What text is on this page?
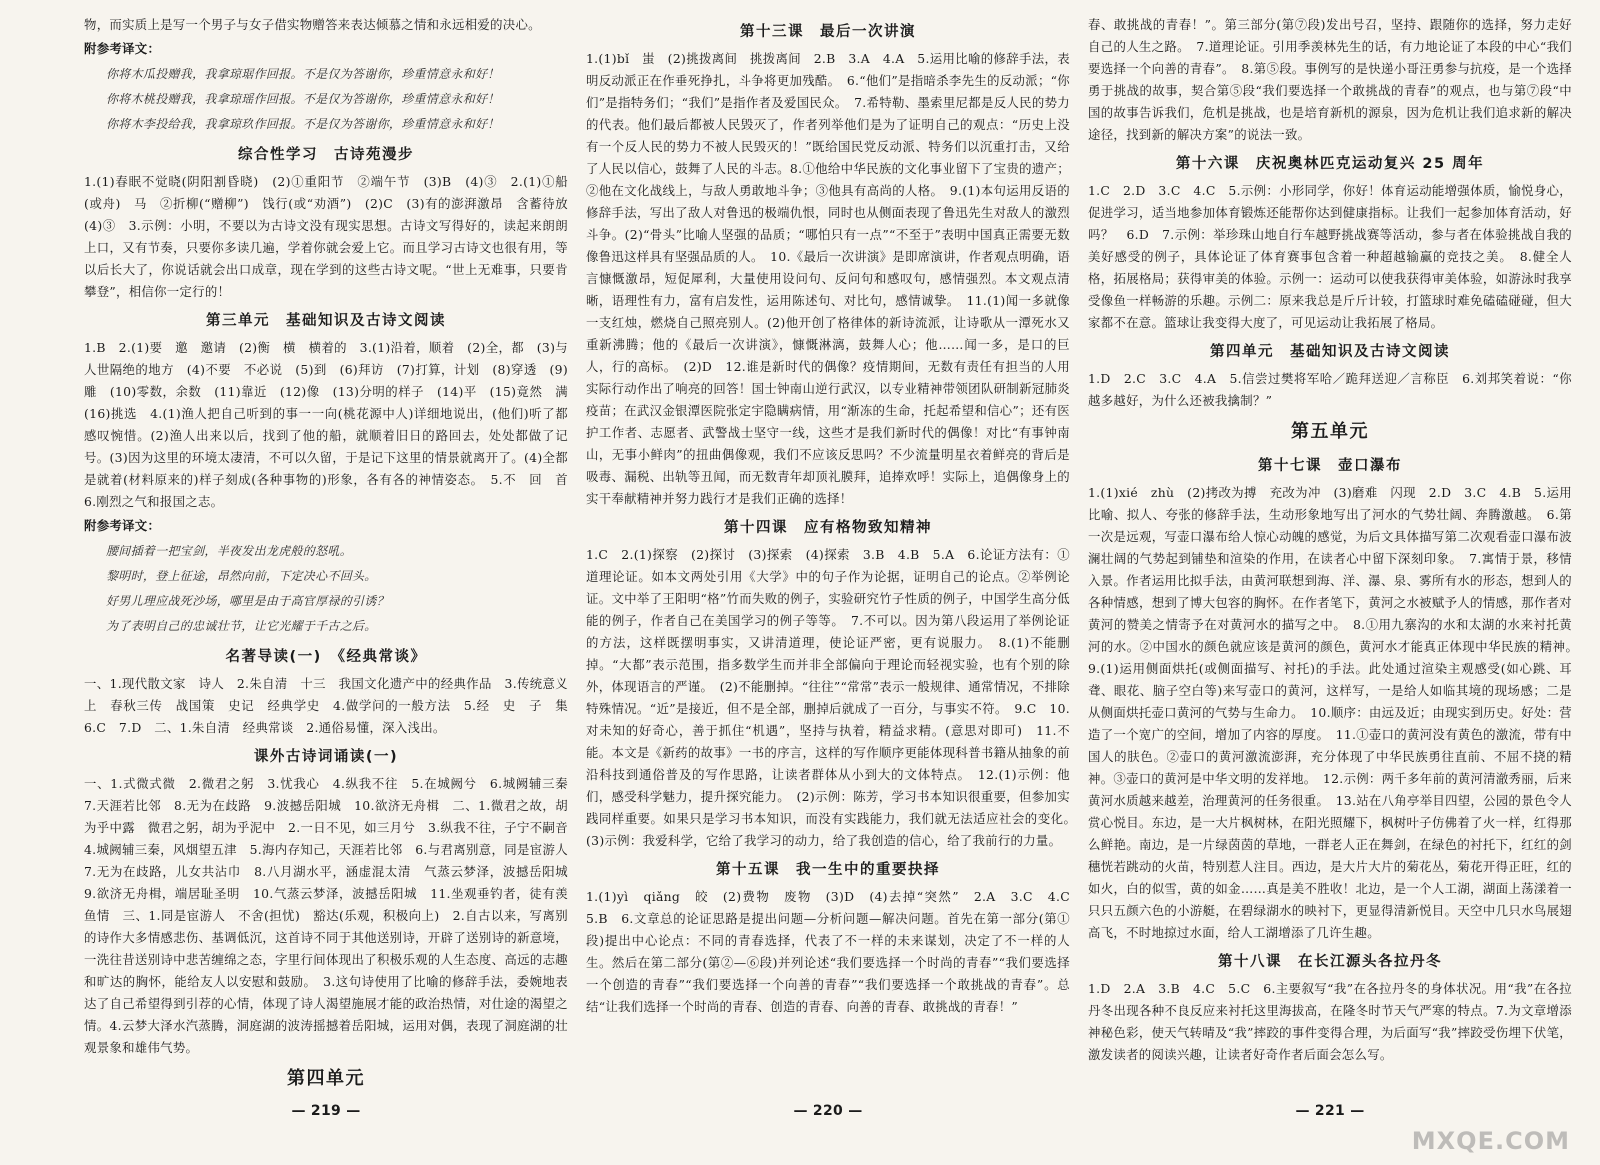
物，而实质上是写一个男子与女子借实物赠答来表达倾慕之情和永远相爱的决心。

附参考译文：

你将木瓜投赠我，我拿琼琚作回报。不是仅为答谢你，珍重情意永和好！

你将木桃投赠我，我拿琼瑶作回报。不是仅为答谢你，珍重情意永和好！

你将木李投给我，我拿琼玖作回报。不是仅为答谢你，珍重情意永和好！

综合性学习　古诗苑漫步

1.(1)春眠不觉晓(阴阳割昏晓)　(2)①重阳节　②端午节　(3)B　(4)③　2.(1)①船(或舟)　马　②折柳(“赠柳”)　饯行(或“劝酒”)　(2)C　(3)有的澎湃激昂　含蓄待放　(4)③　3.示例：小明，不要以为古诗文没有现实思想。古诗文写得好的，读起来朗朗上口，又有节奏，只要你多读几遍，学着你就会爱上它。而且学习古诗文也很有用，等以后长大了，你说话就会出口成章，现在学到的这些古诗文呢。“世上无难事，只要肯攀登”，相信你一定行的！

第三单元　基础知识及古诗文阅读

1.B　2.(1)要　邀　邀请　(2)衡　横　横着的　3.(1)沿着，顺着　(2)全，都　(3)与人世隔绝的地方　(4)不要　不必说　(5)到　(6)拜访　(7)打算，计划　(8)穿透　(9)雕　(10)零数，余数　(11)靠近　(12)像　(13)分明的样子　(14)平　(15)竟然　满　(16)挑选　4.(1)渔人把自己听到的事一一向(桃花源中人)详细地说出，(他们)听了都感叹惋惜。(2)渔人出来以后，找到了他的船，就顺着旧日的路回去，处处都做了记号。(3)因为这里的环境太凄清，不可以久留，于是记下这里的情景就离开了。(4)全都是就着(材料原来的)样子刻成(各种事物的)形象，各有各的神情姿态。　5.不　回　首　6.刚烈之气和报国之志。

附参考译文：

腰间插着一把宝剑，半夜发出龙虎般的怒吼。

黎明时，登上征途，昂然向前，下定决心不回头。

好男儿理应战死沙场，哪里是由于高官厚禄的引诱？

为了表明自己的忠诚壮节，让它光耀于千古之后。

名著导读(一)　《经典常谈》

一、1.现代散文家　诗人　2.朱自清　十三　我国文化遗产中的经典作品　3.传统意义上　春秋三传　战国策　史记　经典学史　4.做学问的一般方法　5.经　史　子　集　6.C　7.D　二、1.朱自清　经典常谈　2.通俗易懂，深入浅出。

课外古诗词诵读(一)

一、1.式微式微　2.微君之躬　3.忧我心　4.纵我不往　5.在城阙兮　6.城阙辅三秦　7.天涯若比邻　8.无为在歧路　9.波撼岳阳城　10.欲济无舟楫　二、1.微君之故，胡为乎中露　微君之躬，胡为乎泥中　2.一日不见，如三月兮　3.纵我不往，子宁不嗣音　4.城阙辅三秦，风烟望五津　5.海内存知己，天涯若比邻　6.与君离别意，同是宦游人　7.无为在歧路，儿女共沾巾　8.八月湖水平，涵虚混太清　气蒸云梦泽，波撼岳阳城　9.欲济无舟楫，端居耻圣明　10.气蒸云梦泽，波撼岳阳城　11.坐观垂钓者，徒有羡鱼情　三、1.同是宦游人　不舍(担忧)　豁达(乐观，积极向上)　2.自古以来，写离别的诗作大多情感悲伤、基调低沉，这首诗不同于其他送别诗，开辟了送别诗的新意境，一洗往昔送别诗中悲苦缠绵之态，字里行间体现出了积极乐观的人生态度、高远的志趣和旷达的胸怀，能给友人以安慰和鼓励。　3.这句诗使用了比喻的修辞手法，委婉地表达了自己希望得到引荐的心情，体现了诗人渴望施展才能的政治热情，对仕途的渴望之情。4.云梦大泽水汽蒸腾，洞庭湖的波涛摇撼着岳阳城，运用对偶，表现了洞庭湖的壮观景象和雄伟气势。

第四单元
— 219 —
第十三课　最后一次讲演

1.(1)bǐ　蚩　(2)挑拨离间　挑拨离间　2.B　3.A　4.A　5.运用比喻的修辞手法，表明反动派正在作垂死挣扎，斗争将更加残酷。　6.“他们”是指暗杀李先生的反动派；“你们”是指特务们；“我们”是指作者及爱国民众。　7.希特勒、墨索里尼都是反人民的势力的代表。他们最后都被人民毁灭了，作者列举他们是为了证明自己的观点：“历史上没有一个反人民的势力不被人民毁灭的！”既给国民党反动派、特务们以沉重打击，又给了人民以信心，鼓舞了人民的斗志。8.①他给中华民族的文化事业留下了宝贵的遗产；②他在文化战线上，与敌人勇敢地斗争；③他具有高尚的人格。　9.(1)本句运用反语的修辞手法，写出了敌人对鲁迅的极端仇恨，同时也从侧面表现了鲁迅先生对敌人的激烈斗争。(2)“骨头”比喻人坚强的品质；“哪怕只有一点”“不至于”表明中国真正需要无数像鲁迅这样具有坚强品质的人。　10.《最后一次讲演》是即席演讲，作者观点明确，语言慷慨激昂，短促犀利，大量使用设问句、反问句和感叹句，感情强烈。本文观点清晰，语理性有力，富有启发性，运用陈述句、对比句，感情诚挚。　11.(1)闻一多就像一支红烛，燃烧自己照亮别人。(2)他开创了格律体的新诗流派，让诗歌从一潭死水又重新沸腾；他的《最后一次讲演》，慷慨淋漓，鼓舞人心；他……闻一多，是口的巨人，行的高标。　(2)D　12.谁是新时代的偶像？疫情期间，无数有责任有担当的人用实际行动作出了响亮的回答！国士钟南山逆行武汉，以专业精神带领团队研制新冠肺炎疫苗；在武汉金银潭医院张定宇隐瞒病情，用“渐冻的生命，托起希望和信心”；还有医护工作者、志愿者、武警战士坚守一线，这些才是我们新时代的偶像！对比“有事钟南山，无事小鲜肉”的扭曲偶像观，我们不应该反思吗？不少流量明星衣着鲜亮的背后是吸毒、漏税、出轨等丑闻，而无数青年却顶礼膜拜，追捧欢呼！实际上，追偶像身上的实干奉献精神并努力践行才是我们正确的选择！

第十四课　应有格物致知精神

1.C　2.(1)探察　(2)探讨　(3)探索　(4)探索　3.B　4.B　5.A　6.论证方法有：①道理论证。如本文两处引用《大学》中的句子作为论据，证明自己的论点。②举例论证。文中举了王阳明“格”竹而失败的例子，实验研究竹子性质的例子，中国学生高分低能的例子，作者自己在美国学习的例子等等。　7.不可以。因为第八段运用了举例论证的方法，这样既摆明事实，又讲清道理，使论证严密，更有说服力。　8.(1)不能删掉。“大都”表示范围，指多数学生而并非全部偏向于理论而轻视实验，也有个别的除外，体现语言的严谨。　(2)不能删掉。“往往”“常常”表示一般规律、通常情况，不排除特殊情况。“近”是接近，但不是全部，删掉后就成了一百分，与事实不符。　9.C　10.对未知的好奇心，善于抓住“机遇”，坚持与执着，精益求精。(意思对即可)　11.不能。本文是《新药的故事》一书的序言，这样的写作顺序更能体现科普书籍从抽象的前沿科技到通俗普及的写作思路，让读者群体从小到大的文体特点。　12.(1)示例：他们，感受科学魅力，提升探究能力。　(2)示例：陈芳，学习书本知识很重要，但参加实践同样重要。如果只是学习书本知识，而没有实践能力，我们就无法适应社会的变化。　(3)示例：我爱科学，它给了我学习的动力，给了我创造的信心，给了我前行的力量。

第十五课　我一生中的重要抉择

1.(1)yì　qiǎng　皎　(2)费物　废物　(3)D　(4)去掉“突然”　2.A　3.C　4.C　5.B　6.文章总的论证思路是提出问题—分析问题—解决问题。首先在第一部分(第①段)提出中心论点：不同的青春选择，代表了不一样的未来谋划，决定了不一样的人生。然后在第二部分(第②—⑥段)并列论述“我们要选择一个时尚的青春”“我们要选择一个创造的青春”“我们要选择一个向善的青春”“我们要选择一个敢挑战的青春”。总结“让我们选择一个时尚的青春、创造的青春、向善的青春、敢挑战的青春！”

— 220 —

春、敢挑战的青春！”。第三部分(第⑦段)发出号召，坚持、跟随你的选择，努力走好自己的人生之路。　7.道理论证。引用季羡林先生的话，有力地论证了本段的中心“我们要选择一个向善的青春”。　8.第⑤段。事例写的是快递小哥汪勇参与抗疫，是一个选择勇于挑战的故事，契合第⑤段“我们要选择一个敢挑战的青春”的观点，也与第⑦段“中国的故事告诉我们，危机是挑战，也是培育新机的源泉，因为危机让我们追求新的解决途径，找到新的解决方案”的说法一致。

第十六课　庆祝奥林匹克运动复兴 25 周年

1.C　2.D　3.C　4.C　5.示例：小形同学，你好！体育运动能增强体质，愉悦身心，促进学习，适当地参加体育锻炼还能帮你达到健康指标。让我们一起参加体育活动，好吗？　6.D　7.示例：举珍珠山地自行车越野挑战赛等活动，参与者在体验挑战自我的美好感受的例子，具体论证了体育赛事包含着一种超越输赢的竞技之美。　8.健全人格，拓展格局；获得审美的体验。示例一：运动可以使我获得审美体验，如游泳时我享受像鱼一样畅游的乐趣。示例二：原来我总是斤斤计较，打篮球时难免磕磕碰碰，但大家都不在意。篮球让我变得大度了，可见运动让我拓展了格局。

第四单元　基础知识及古诗文阅读

1.D　2.C　3.C　4.A　5.信尝过樊将军哈／跪拜送迎／言称臣　6.刘邦笑着说：“你越多越好，为什么还被我擒制？”

第五单元
第十七课　壶口瀑布

1.(1)xié　zhù　(2)拷改为搏　充改为冲　(3)磨难　闪现　2.D　3.C　4.B　5.运用比喻、拟人、夸张的修辞手法，生动形象地写出了河水的气势壮阔、奔腾激越。　6.第一次是远观，写壶口瀑布给人惊心动魄的感觉，为后文具体描写第二次观看壶口瀑布波澜壮阔的气势起到铺垫和渲染的作用，在读者心中留下深刻印象。　7.寓情于景，移情入景。作者运用比拟手法，由黄河联想到海、洋、瀑、泉、雾所有水的形态，想到人的各种情感，想到了博大包容的胸怀。在作者笔下，黄河之水被赋予人的情感，那作者对黄河的赞美之情寄予在对黄河水的描写之中。　8.①用九寨沟的水和太湖的水来衬托黄河的水。②中国水的颜色就应该是黄河的颜色，黄河水才能真正体现中华民族的精神。　9.(1)运用侧面烘托(或侧面描写、衬托)的手法。此处通过渲染主观感受(如心跳、耳聋、眼花、脑子空白等)来写壶口的黄河，这样写，一是给人如临其境的现场感；二是从侧面烘托壶口黄河的气势与生命力。　10.顺序：由远及近；由现实到历史。好处：营造了一个宽广的空间，增加了内容的厚度。　11.①壶口的黄河没有黄色的激流，带有中国人的肤色。②壶口的黄河激流澎湃，充分体现了中华民族勇往直前、不屈不挠的精神。③壶口的黄河是中华文明的发祥地。　12.示例：两千多年前的黄河清澈秀丽，后来黄河水质越来越差，治理黄河的任务很重。　13.站在八角亭举目四望，公园的景色令人赏心悦目。东边，是一大片枫树林，在阳光照耀下，枫树叶子仿佛着了火一样，红得那么鲜艳。南边，是一片绿茵茵的草地，一群老人正在舞剑，在绿色的衬托下，红红的剑穗恍若跳动的火苗，特别惹人注目。西边，是大片大片的菊花丛，菊花开得正旺，红的如火，白的似雪，黄的如金……真是美不胜收！北边，是一个人工湖，湖面上荡漾着一只只五颜六色的小游艇，在碧绿湖水的映衬下，更显得清新悦目。天空中几只水鸟展翅高飞，不时地掠过水面，给人工湖增添了几许生趣。

第十八课　在长江源头各拉丹冬

1.D　2.A　3.B　4.C　5.C　6.主要叙写“我”在各拉丹冬的身体状况。用“我”在各拉丹冬出现各种不良反应来衬托这里海拔高，在隆冬时节天气严寒的特点。7.为文章增添神秘色彩，使天气转晴及“我”摔跤的事件变得合理，为后面写“我”摔跤受伤埋下伏笔，激发读者的阅读兴趣，让读者好奇作者后面会怎么写。

— 221 —
MXQE.COM
